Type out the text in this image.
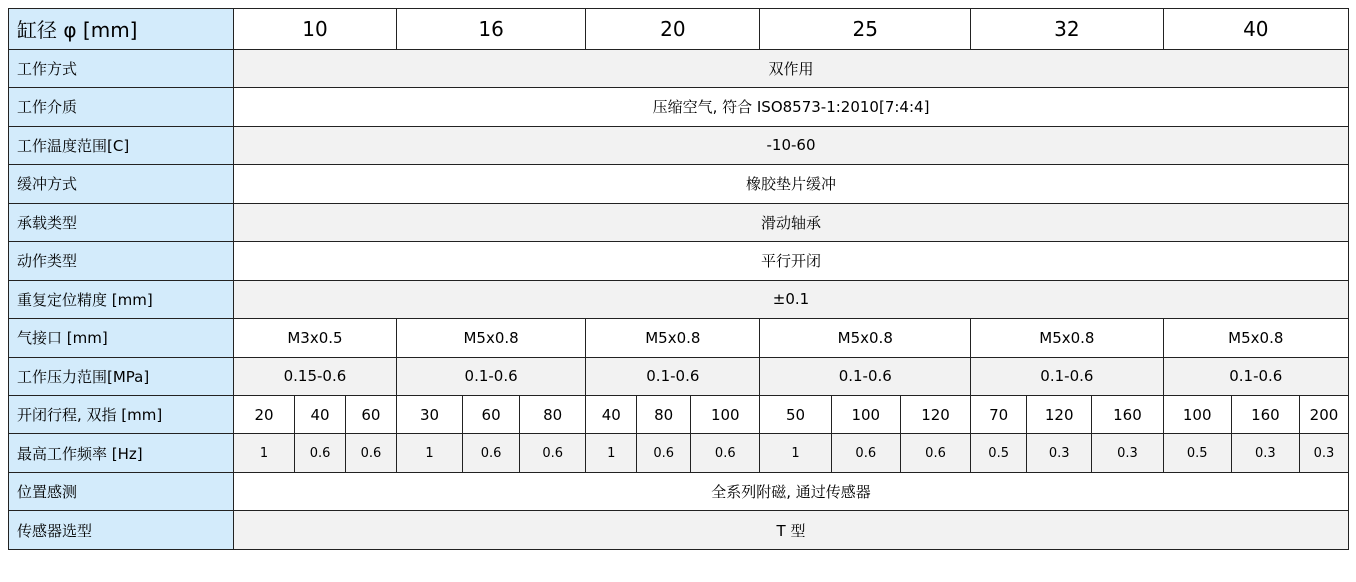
缸径 φ [mm]	10			16			20			25			32			40		
工作方式	双作用																	
工作介质	压缩空气, 符合 ISO8573-1:2010[7:4:4]																	
工作温度范围[C]	-10-60																	
缓冲方式	橡胶垫片缓冲																	
承载类型	滑动轴承																	
动作类型	平行开闭																	
重复定位精度 [mm]	±0.1																	
气接口 [mm]	M3x0.5			M5x0.8			M5x0.8			M5x0.8			M5x0.8			M5x0.8		
工作压力范围[MPa]	0.15-0.6			0.1-0.6			0.1-0.6			0.1-0.6			0.1-0.6			0.1-0.6		
开闭行程, 双指 [mm]	20	40	60	30	60	80	40	80	100	50	100	120	70	120	160	100	160	200
最高工作频率 [Hz]	1	0.6	0.6	1	0.6	0.6	1	0.6	0.6	1	0.6	0.6	0.5	0.3	0.3	0.5	0.3	0.3
位置感测	全系列附磁, 通过传感器																	
传感器选型	T 型																	
